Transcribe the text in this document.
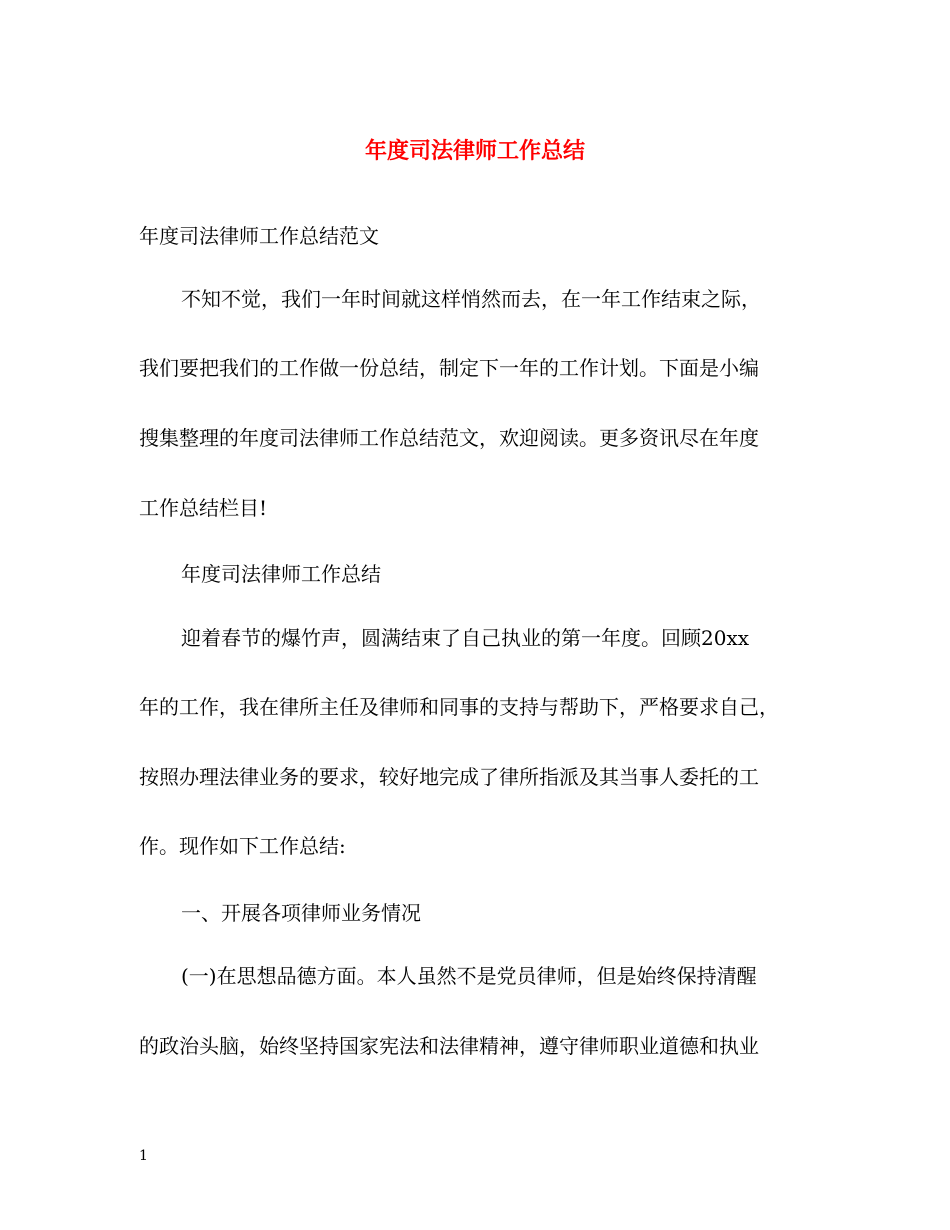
年度司法律师工作总结

年度司法律师工作总结范文

不知不觉，我们一年时间就这样悄然而去，在一年工作结束之际，

我们要把我们的工作做一份总结，制定下一年的工作计划。下面是小编

搜集整理的年度司法律师工作总结范文，欢迎阅读。更多资讯尽在年度

工作总结栏目!

年度司法律师工作总结

迎着春节的爆竹声，圆满结束了自己执业的第一年度。回顾20xx

年的工作，我在律所主任及律师和同事的支持与帮助下，严格要求自己，

按照办理法律业务的要求，较好地完成了律所指派及其当事人委托的工

作。现作如下工作总结:

一、开展各项律师业务情况

(一)在思想品德方面。本人虽然不是党员律师，但是始终保持清醒

的政治头脑，始终坚持国家宪法和法律精神，遵守律师职业道德和执业

1
